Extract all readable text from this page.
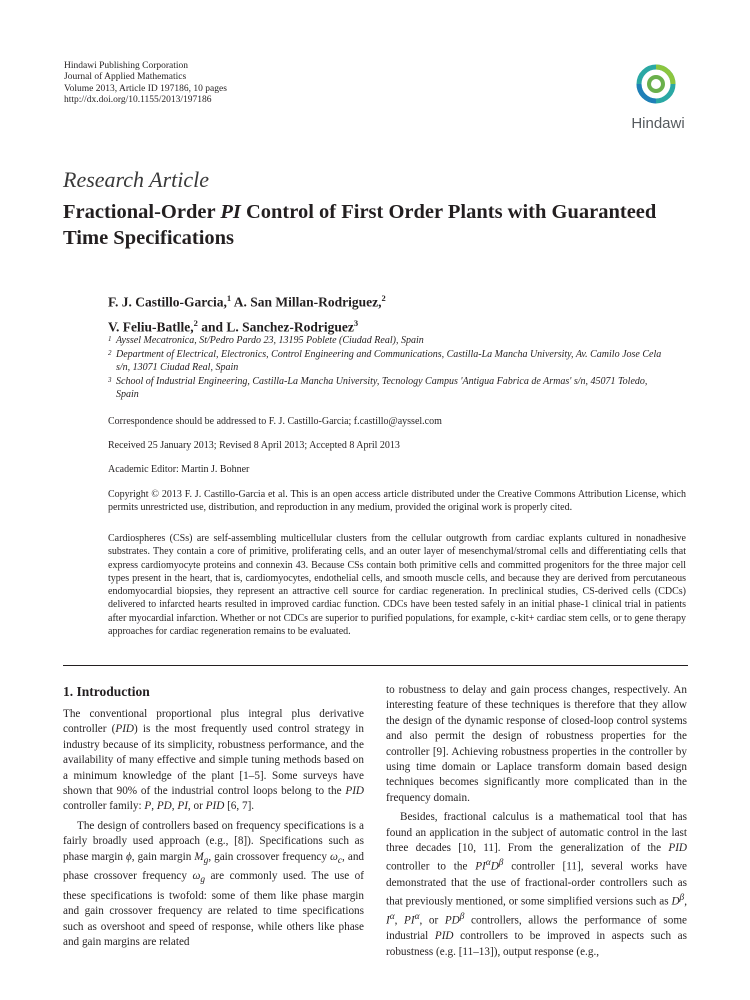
Hindawi Publishing Corporation
Journal of Applied Mathematics
Volume 2013, Article ID 197186, 10 pages
http://dx.doi.org/10.1155/2013/197186
Hindawi
Research Article
Fractional-Order PI Control of First Order Plants with Guaranteed Time Specifications
F. J. Castillo-Garcia,$^1$ A. San Millan-Rodriguez,$^2$
V. Feliu-Batlle,$^2$ and L. Sanchez-Rodriguez$^3$
1 Ayssel Mecatronica, St/Pedro Pardo 23, 13195 Poblete (Ciudad Real), Spain
2 Department of Electrical, Electronics, Control Engineering and Communications, Castilla-La Mancha University, Av. Camilo Jose Cela s/n, 13071 Ciudad Real, Spain
3 School of Industrial Engineering, Castilla-La Mancha University, Tecnology Campus 'Antigua Fabrica de Armas' s/n, 45071 Toledo, Spain
Correspondence should be addressed to F. J. Castillo-Garcia; f.castillo@ayssel.com
Received 25 January 2013; Revised 8 April 2013; Accepted 8 April 2013
Academic Editor: Martin J. Bohner
Copyright © 2013 F. J. Castillo-Garcia et al. This is an open access article distributed under the Creative Commons Attribution License, which permits unrestricted use, distribution, and reproduction in any medium, provided the original work is properly cited.
Cardiospheres (CSs) are self-assembling multicellular clusters from the cellular outgrowth from cardiac explants cultured in nonadhesive substrates. They contain a core of primitive, proliferating cells, and an outer layer of mesenchymal/stromal cells and differentiating cells that express cardiomyocyte proteins and connexin 43. Because CSs contain both primitive cells and committed progenitors for the three major cell types present in the heart, that is, cardiomyocytes, endothelial cells, and smooth muscle cells, and because they are derived from percutaneous endomyocardial biopsies, they represent an attractive cell source for cardiac regeneration. In preclinical studies, CS-derived cells (CDCs) delivered to infarcted hearts resulted in improved cardiac function. CDCs have been tested safely in an initial phase-1 clinical trial in patients after myocardial infarction. Whether or not CDCs are superior to purified populations, for example, c-kit+ cardiac stem cells, or to gene therapy approaches for cardiac regeneration remains to be evaluated.
1. Introduction

The conventional proportional plus integral plus derivative controller (PID) is the most frequently used control strategy in industry because of its simplicity, robustness performance, and the availability of many effective and simple tuning methods based on a minimum knowledge of the plant [1–5]. Some surveys have shown that 90% of the industrial control loops belong to the PID controller family: P, PD, PI, or PID [6, 7].

The design of controllers based on frequency specifications is a fairly broadly used approach (e.g., [8]). Specifications such as phase margin ϕ, gain margin $M_g$, gain crossover frequency $\omega_c$, and phase crossover frequency $\omega_g$ are commonly used. The use of these specifications is twofold: some of them like phase margin and gain crossover frequency are related to time specifications such as overshoot and speed of response, while others like phase and gain margins are related

to robustness to delay and gain process changes, respectively. An interesting feature of these techniques is therefore that they allow the design of the dynamic response of closed-loop control systems and also permit the design of robustness properties for the controller [9]. Achieving robustness properties in the controller by using time domain or Laplace transform domain based design techniques becomes significantly more complicated than in the frequency domain.

Besides, fractional calculus is a mathematical tool that has found an application in the subject of automatic control in the last three decades [10, 11]. From the generalization of the PID controller to the $PI^\alpha D^\beta$ controller [11], several works have demonstrated that the use of fractional-order controllers such as that previously mentioned, or some simplified versions such as $D^\beta$, $I^\alpha$, $PI^\alpha$, or $PD^\beta$ controllers, allows the performance of some industrial PID controllers to be improved in aspects such as robustness (e.g. [11–13]), output response (e.g.,
